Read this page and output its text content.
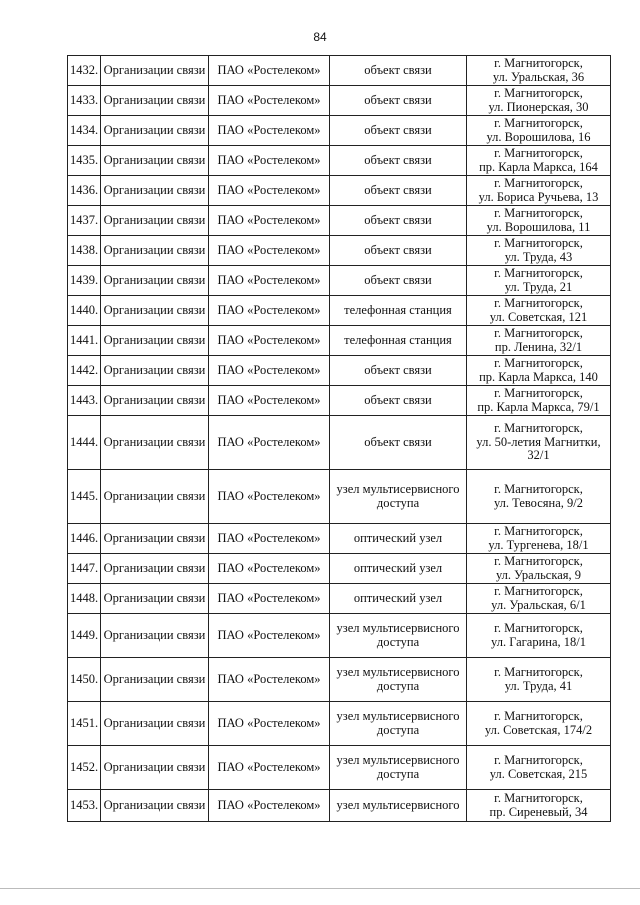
84
1432.	Организации связи	ПАО «Ростелеком»	объект связи	г. Магнитогорск,
ул. Уральская, 36

1433.	Организации связи	ПАО «Ростелеком»	объект связи	г. Магнитогорск,
ул. Пионерская, 30

1434.	Организации связи	ПАО «Ростелеком»	объект связи	г. Магнитогорск,
ул. Ворошилова, 16

1435.	Организации связи	ПАО «Ростелеком»	объект связи	г. Магнитогорск,
пр. Карла Маркса, 164

1436.	Организации связи	ПАО «Ростелеком»	объект связи	г. Магнитогорск,
ул. Бориса Ручьева, 13

1437.	Организации связи	ПАО «Ростелеком»	объект связи	г. Магнитогорск,
ул. Ворошилова, 11

1438.	Организации связи	ПАО «Ростелеком»	объект связи	г. Магнитогорск,
ул. Труда, 43

1439.	Организации связи	ПАО «Ростелеком»	объект связи	г. Магнитогорск,
ул. Труда, 21

1440.	Организации связи	ПАО «Ростелеком»	телефонная станция	г. Магнитогорск,
ул. Советская, 121

1441.	Организации связи	ПАО «Ростелеком»	телефонная станция	г. Магнитогорск,
пр. Ленина, 32/1

1442.	Организации связи	ПАО «Ростелеком»	объект связи	г. Магнитогорск,
пр. Карла Маркса, 140

1443.	Организации связи	ПАО «Ростелеком»	объект связи	г. Магнитогорск,
пр. Карла Маркса, 79/1

1444.	Организации связи	ПАО «Ростелеком»	объект связи	г. Магнитогорск,
ул. 50-летия Магнитки, 32/1

1445.	Организации связи	ПАО «Ростелеком»	узел мультисервисного доступа	г. Магнитогорск,
ул. Тевосяна, 9/2

1446.	Организации связи	ПАО «Ростелеком»	оптический узел	г. Магнитогорск,
ул. Тургенева, 18/1

1447.	Организации связи	ПАО «Ростелеком»	оптический узел	г. Магнитогорск,
ул. Уральская, 9

1448.	Организации связи	ПАО «Ростелеком»	оптический узел	г. Магнитогорск,
ул. Уральская, 6/1

1449.	Организации связи	ПАО «Ростелеком»	узел мультисервисного доступа	г. Магнитогорск,
ул. Гагарина, 18/1

1450.	Организации связи	ПАО «Ростелеком»	узел мультисервисного доступа	г. Магнитогорск,
ул. Труда, 41

1451.	Организации связи	ПАО «Ростелеком»	узел мультисервисного доступа	г. Магнитогорск,
ул. Советская, 174/2

1452.	Организации связи	ПАО «Ростелеком»	узел мультисервисного доступа	г. Магнитогорск,
ул. Советская, 215

1453.	Организации связи	ПАО «Ростелеком»	узел мультисервисного	г. Магнитогорск,
пр. Сиреневый, 34
